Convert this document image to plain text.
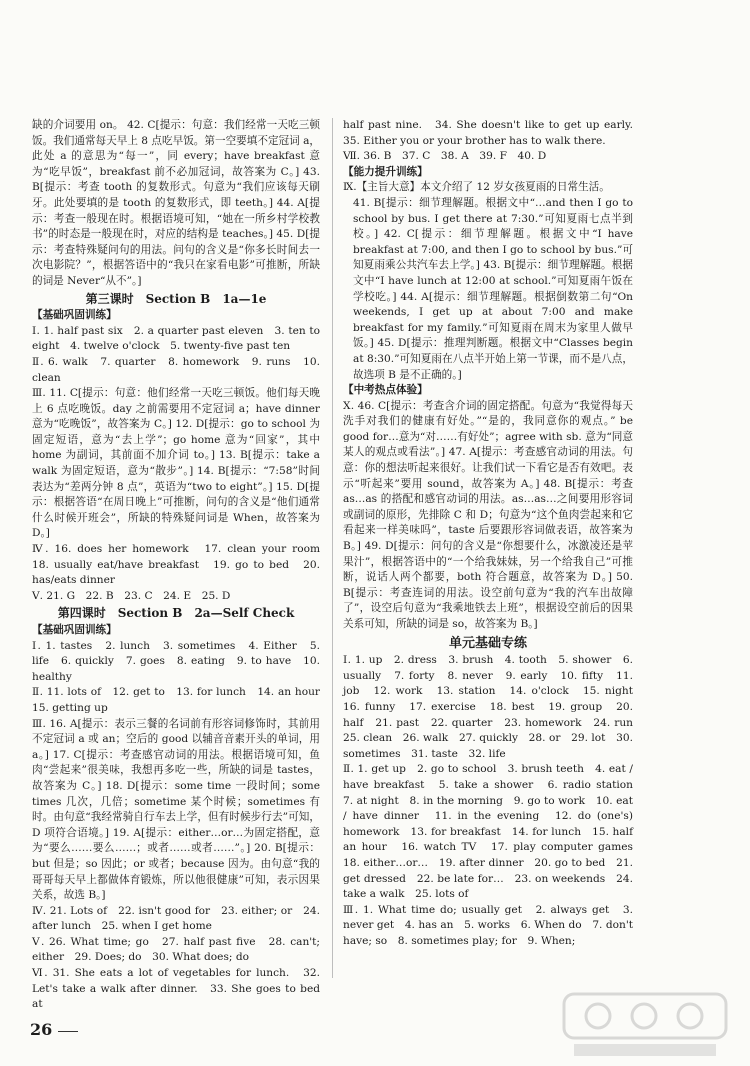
缺的介词要用 on。 42. C[提示：句意：我们经常一天吃三顿饭。我们通常每天早上 8 点吃早饭。第一空要填不定冠词 a，此处 a 的意思为“每一”，同 every；have breakfast 意为“吃早饭”，breakfast 前不必加冠词，故答案为 C。] 43. B[提示：考查 tooth 的复数形式。句意为“我们应该每天刷牙。此处要填的是 tooth 的复数形式，即 teeth。] 44. A[提示：考查一般现在时。根据语境可知，“她在一所乡村学校教书”的时态是一般现在时，对应的结构是 teaches。] 45. D[提示：考查特殊疑问句的用法。问句的含义是“你多长时间去一次电影院？”，根据答语中的“我只在家看电影”可推断，所缺的词是 Never“从不”。]

第三课时　Section B　1a—1e

【基础巩固训练】

Ⅰ. 1. half past six　2. a quarter past eleven　3. ten to eight　4. twelve o'clock　5. twenty-five past ten

Ⅱ. 6. walk　7. quarter　8. homework　9. runs　10. clean

Ⅲ. 11. C[提示：句意：他们经常一天吃三顿饭。他们每天晚上 6 点吃晚饭。day 之前需要用不定冠词 a；have dinner 意为“吃晚饭”，故答案为 C。] 12. D[提示：go to school 为固定短语，意为“去上学”；go home 意为“回家”，其中 home 为副词，其前面不加介词 to。] 13. B[提示：take a walk 为固定短语，意为“散步”。] 14. B[提示：“7:58”时间表达为“差两分钟 8 点”，英语为“two to eight”。] 15. D[提示：根据答语“在周日晚上”可推断，问句的含义是“他们通常什么时候开班会”，所缺的特殊疑问词是 When，故答案为 D。]

Ⅳ. 16. does her homework　17. clean your room　18. usually eat/have breakfast　19. go to bed　20. has/eats dinner

Ⅴ. 21. G　22. B　23. C　24. E　25. D

第四课时　Section B　2a—Self Check

【基础巩固训练】

Ⅰ. 1. tastes　2. lunch　3. sometimes　4. Either　5. life　6. quickly　7. goes　8. eating　9. to have　10. healthy

Ⅱ. 11. lots of　12. get to　13. for lunch　14. an hour　15. getting up

Ⅲ. 16. A[提示：表示三餐的名词前有形容词修饰时，其前用不定冠词 a 或 an；空后的 good 以辅音音素开头的单词，用 a。] 17. C[提示：考查感官动词的用法。根据语境可知，鱼肉“尝起来”很美味，我想再多吃一些，所缺的词是 tastes，故答案为 C。] 18. D[提示：some time 一段时间；some times 几次，几倍；sometime 某个时候；sometimes 有时。由句意“我经常骑自行车去上学，但有时候步行去”可知，D 项符合语境。] 19. A[提示：either…or…为固定搭配，意为“要么……要么……；或者……或者……”。] 20. B[提示：but 但是；so 因此；or 或者；because 因为。由句意“我的哥哥每天早上都做体育锻炼，所以他很健康”可知，表示因果关系，故选 B。]

Ⅳ. 21. Lots of　22. isn't good for　23. either; or　24. after lunch　25. when I get home

Ⅴ. 26. What time; go　27. half past five　28. can't; either　29. Does; do　30. What does; do

Ⅵ. 31. She eats a lot of vegetables for lunch.　32. Let's take a walk after dinner.　33. She goes to bed at

half past nine.　34. She doesn't like to get up early.　35. Either you or your brother has to walk there.

Ⅶ. 36. B　37. C　38. A　39. F　40. D

【能力提升训练】

Ⅸ.【主旨大意】本文介绍了 12 岁女孩夏雨的日常生活。

41. B[提示：细节理解题。根据文中“…and then I go to school by bus. I get there at 7:30.”可知夏雨七点半到校。] 42. C[提示：细节理解题。根据文中“I have breakfast at 7:00, and then I go to school by bus.”可知夏雨乘公共汽车去上学。] 43. B[提示：细节理解题。根据文中“I have lunch at 12:00 at school.”可知夏雨午饭在学校吃。] 44. A[提示：细节理解题。根据倒数第二句“On weekends, I get up at about 7:00 and make breakfast for my family.”可知夏雨在周末为家里人做早饭。] 45. D[提示：推理判断题。根据文中“Classes begin at 8:30.”可知夏雨在八点半开始上第一节课，而不是八点，故选项 B 是不正确的。]

【中考热点体验】

Ⅹ. 46. C[提示：考查含介词的固定搭配。句意为“我觉得每天洗手对我们的健康有好处。”“是的，我同意你的观点。” be good for…意为“对……有好处”；agree with sb. 意为“同意某人的观点或看法”。] 47. A[提示：考查感官动词的用法。句意：你的想法听起来很好。让我们试一下看它是否有效吧。表示“听起来”要用 sound，故答案为 A。] 48. B[提示：考查 as…as 的搭配和感官动词的用法。as…as…之间要用形容词或副词的原形，先排除 C 和 D；句意为“这个鱼肉尝起来和它看起来一样美味吗”，taste 后要跟形容词做表语，故答案为 B。] 49. D[提示：问句的含义是“你想要什么，冰激凌还是苹果汁”，根据答语中的“一个给我妹妹，另一个给我自己”可推断，说话人两个都要，both 符合题意，故答案为 D。] 50. B[提示：考查连词的用法。设空前句意为“我的汽车出故障了”，设空后句意为“我乘地铁去上班”，根据设空前后的因果关系可知，所缺的词是 so，故答案为 B。]

单元基础专练

Ⅰ. 1. up　2. dress　3. brush　4. tooth　5. shower　6. usually　7. forty　8. never　9. early　10. fifty　11. job　12. work　13. station　14. o'clock　15. night　16. funny　17. exercise　18. best　19. group　20. half　21. past　22. quarter　23. homework　24. run　25. clean　26. walk　27. quickly　28. or　29. lot　30. sometimes　31. taste　32. life

Ⅱ. 1. get up　2. go to school　3. brush teeth　4. eat / have breakfast　5. take a shower　6. radio station　7. at night　8. in the morning　9. go to work　10. eat / have dinner　11. in the evening　12. do (one's) homework　13. for breakfast　14. for lunch　15. half an hour　16. watch TV　17. play computer games　18. either…or…　19. after dinner　20. go to bed　21. get dressed　22. be late for…　23. on weekends　24. take a walk　25. lots of

Ⅲ. 1. What time do; usually get　2. always get　3. never get　4. has an　5. works　6. When do　7. don't have; so　8. sometimes play; for　9. When;

26
